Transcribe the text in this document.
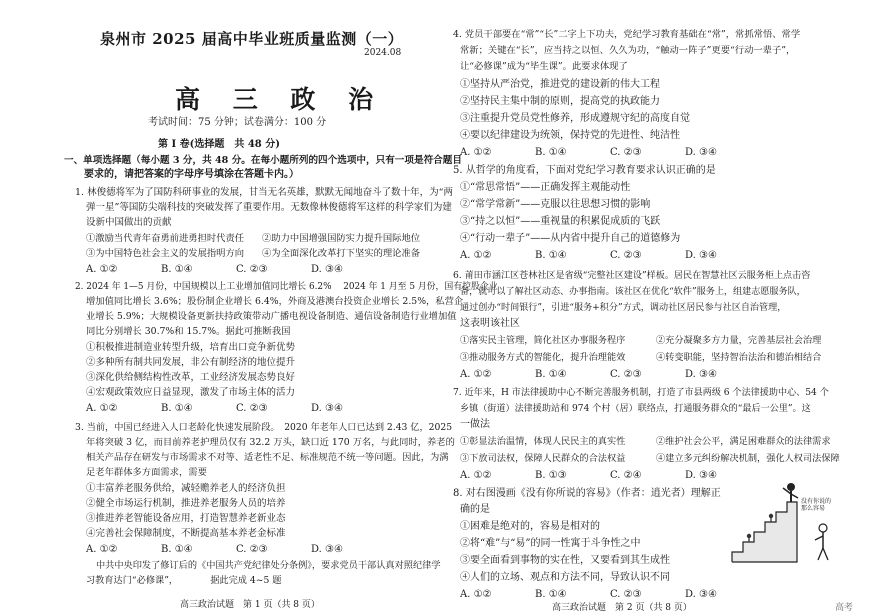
泉州市 2025 届高中毕业班质量监测（一）
2024.08
高 三 政 治
考试时间：75 分钟；试卷满分：100 分
第 I 卷(选择题　共 48 分)
一、单项选择题（每小题 3 分，共 48 分。在每小题所列的四个选项中，只有一项是符合题目
要求的，请把答案的字母序号填涂在答题卡内。）
1. 林俊德将军为了国防科研事业的发展，甘当无名英雄，默默无闻地奋斗了数十年，为“两
弹一星”等国防尖端科技的突破发挥了重要作用。无数像林俊德将军这样的科学家们为建
设新中国做出的贡献
①激励当代青年奋勇前进勇担时代责任 ②助力中国增强国防实力提升国际地位
③为中国特色社会主义的发展指明方向 ④为全面深化改革打下坚实的理论准备
A. ①②	B. ①④	C. ②③	D. ③④
2. 2024 年 1—5 月份，中国规模以上工业增加值同比增长 6.2% 　2024 年 1 月至 5 月份，国有控股企业
增加值同比增长 3.6%；股份制企业增长 6.4%，外商及港澳台投资企业增长 2.5%，私营企
业增长 5.9%；大规模设备更新扶持政策带动广播电视设备制造、通信设备制造行业增加值
同比分别增长 30.7%和 15.7%。据此可推断我国
①积极推进制造业转型升级，培育出口竞争新优势
②多种所有制共同发展，非公有制经济的地位提升
③深化供给侧结构性改革，工业经济发展态势良好
④宏观政策效应日益显现，激发了市场主体的活力
A. ①②	B. ①④	C. ②③	D. ③④
3. 当前，中国已经进入人口老龄化快速发展阶段。　2020 年老年人口已达到 2.43 亿，2025
年将突破 3 亿，而目前养老护理员仅有 32.2 万头，缺口近 170 万名，与此同时，养老的
相关产品存在研发与市场需求不对等、适老性不足、标准规范不统一等问题。因此，为满
足老年群体多方面需求，需要
①丰富养老服务供给，减轻赡养老人的经济负担
②健全市场运行机制，推进养老服务人员的培养
③推进养老智能设备应用，打造智慧养老新业态
④完善社会保障制度，不断提高基本养老金标准
A. ①②	B. ①④	C. ②③	D. ③④
中共中央印发了修订后的《中国共产党纪律处分条例》，要求党员干部认真对照纪律学
习教育达门“必修课”，　　　　据此完成 4~5 题
高三政治试题　第 1 页（共 8 页）
4. 党员干部要在“常”“长”二字上下功夫，党纪学习教育基础在“常”，常抓常悟、常学
常新；关键在“长”，应当持之以恒、久久为功，“触动一阵子”更要“行动一辈子”，
让“必修课”成为“毕生课”。此要求体现了
①坚持从严治党，推进党的建设新的伟大工程
②坚持民主集中制的原则，提高党的执政能力
③注重提升党员党性修养，形成遵规守纪的高度自觉
④要以纪律建设为统领，保持党的先进性、纯洁性
A. ①②	B. ①④	C. ②③	D. ③④
5. 从哲学的角度看，下面对党纪学习教育要求认识正确的是
①“常思常悟”——正确发挥主观能动性
②“常学常新”——克服以往思想习惯的影响
③“持之以恒”——重视量的积累促成质的飞跃
④“行动一辈子”——从内省中提升自己的道德修为
A. ①②	B. ①④	C. ②③	D. ③④
6. 莆田市涵江区苍林社区是省级“完整社区建设”样板。居民在智慧社区云服务柜上点击咨
备，就可以了解社区动态、办事指南。该社区在优化“软件”服务上，组建志愿服务队，
通过创办“时间银行”，引进“服务+积分”方式，调动社区居民参与社区自治管理，
这表明该社区
①落实民主管理，简化社区办事服务程序	②充分凝聚多方力量，完善基层社会治理
③推动服务方式的智能化，提升治理能效	④转变职能，坚持智治法治和德治相结合
A. ①②	B. ①④	C. ②③	D. ③④
7. 近年来，H 市法律援助中心不断完善服务机制，打造了市县两级 6 个法律援助中心、54 个
乡镇（街道）法律援助站和 974 个村（居）联络点，打通服务群众的“最后一公里”。这
一做法
①彰显法治温情，体现人民民主的真实性	②维护社会公平，满足困难群众的法律需求
③下放司法权，保障人民群众的合法权益	④建立多元纠纷解决机制，强化人权司法保障
A. ①②	B. ①③	C. ②④	D. ③④
8. 对右图漫画《没有你所说的容易》（作者：逍光者）理解正
确的是
①困难是绝对的，容易是相对的
②将“难”与“易”的同一性寓于斗争性之中
③要全面看到事物的实在性，又要看到其生成性
④人们的立场、观点和方法不同，导致认识不同
A. ①②	B. ①④	C. ②③	D. ③④
高三政治试题　第 2 页（共 8 页）	高考
没有你说的那么容易
